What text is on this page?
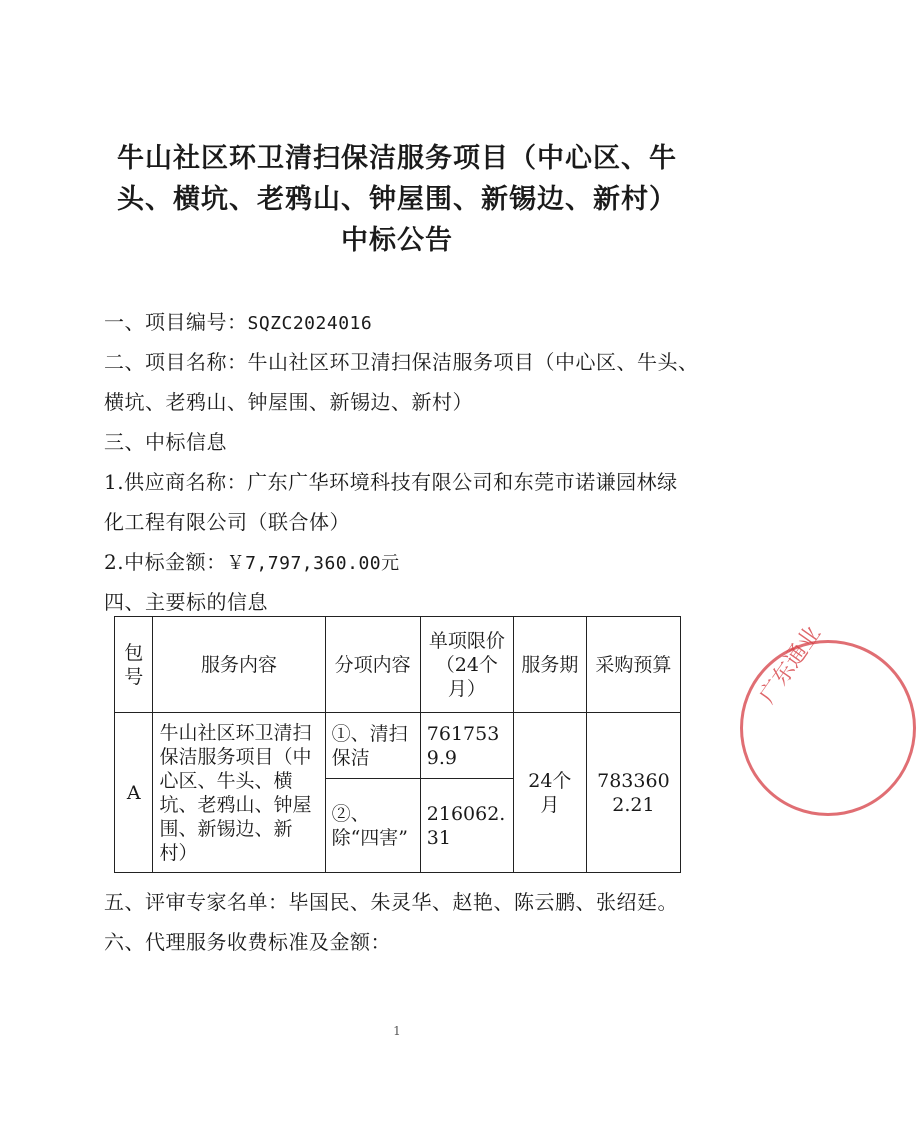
牛山社区环卫清扫保洁服务项目（中心区、牛
头、横坑、老鸦山、钟屋围、新锡边、新村）
中标公告
一、项目编号：SQZC2024016
二、项目名称：牛山社区环卫清扫保洁服务项目（中心区、牛头、
横坑、老鸦山、钟屋围、新锡边、新村）
三、中标信息
1.供应商名称：广东广华环境科技有限公司和东莞市诺谦园林绿
化工程有限公司（联合体）
2.中标金额：￥7,797,360.00元
四、主要标的信息
包号	服务内容	分项内容	单项限价（24个月）	服务期	采购预算
A	牛山社区环卫清扫保洁服务项目（中心区、牛头、横坑、老鸦山、钟屋围、新锡边、新村）	①、清扫保洁	7617539.9	24个月	7833602.21
		②、除“四害”	216062.31		
五、评审专家名单：毕国民、朱灵华、赵艳、陈云鹏、张绍廷。
六、代理服务收费标准及金额：
广东通业
1
